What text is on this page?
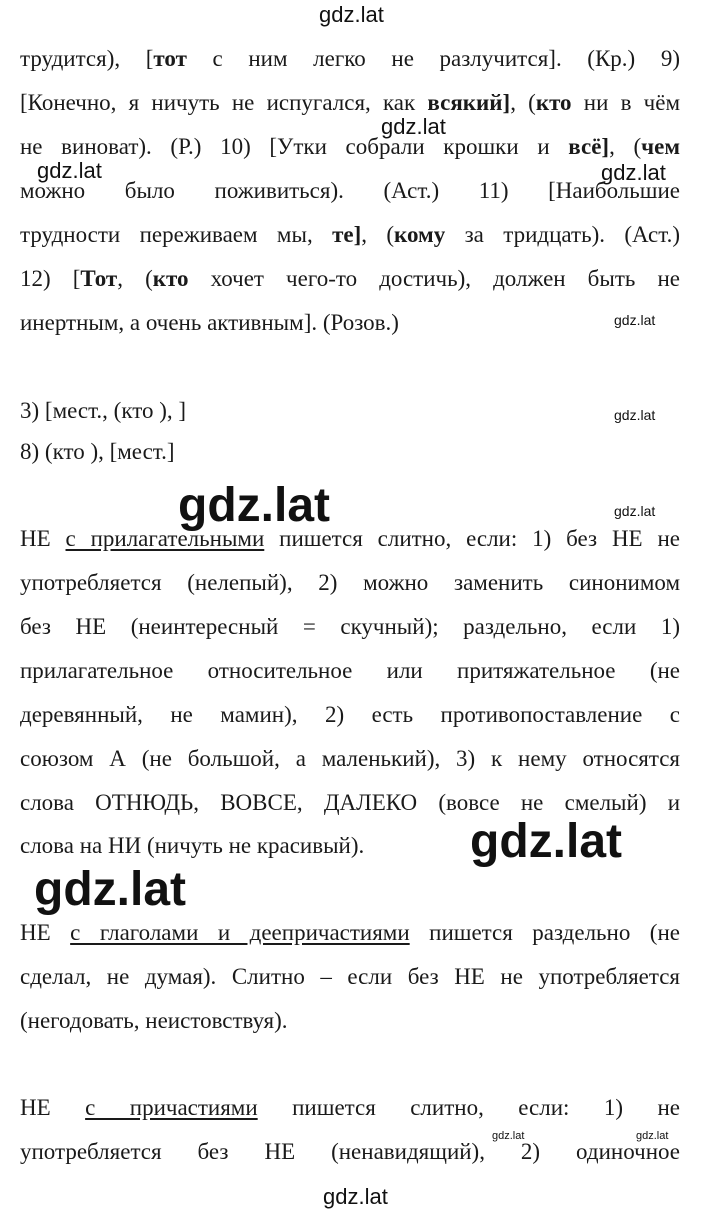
gdz.lat
gdz.lat
gdz.lat	gdz.lat
gdz.lat
gdz.lat
gdz.lat
gdz.lat
gdz.lat
gdz.lat
gdz.lat	gdz.lat
gdz.lat
трудится), [тот с ним легко не разлучится]. (Кр.) 9)
[Конечно, я ничуть не испугался, как всякий], (кто ни в чём
не виноват). (Р.) 10) [Утки собрали крошки и всё], (чем
можно было поживиться). (Аст.) 11) [Наибольшие
трудности переживаем мы, те], (кому за тридцать). (Аст.)
12) [Тот, (кто хочет чего-то достичь), должен быть не
инертным, а очень активным]. (Розов.)
3) [мест., (кто ), ]
8) (кто ), [мест.]
НЕ с прилагательными пишется слитно, если: 1) без НЕ не
употребляется (нелепый), 2) можно заменить синонимом
без НЕ (неинтересный = скучный); раздельно, если 1)
прилагательное относительное или притяжательное (не
деревянный, не мамин), 2) есть противопоставление с
союзом А (не большой, а маленький), 3) к нему относятся
слова ОТНЮДЬ, ВОВСЕ, ДАЛЕКО (вовсе не смелый) и
слова на НИ (ничуть не красивый).
НЕ с глаголами и деепричастиями пишется раздельно (не
сделал, не думая). Слитно – если без НЕ не употребляется
(негодовать, неистовствуя).
НЕ с причастиями пишется слитно, если: 1) не
употребляется без НЕ (ненавидящий), 2) одиночное
